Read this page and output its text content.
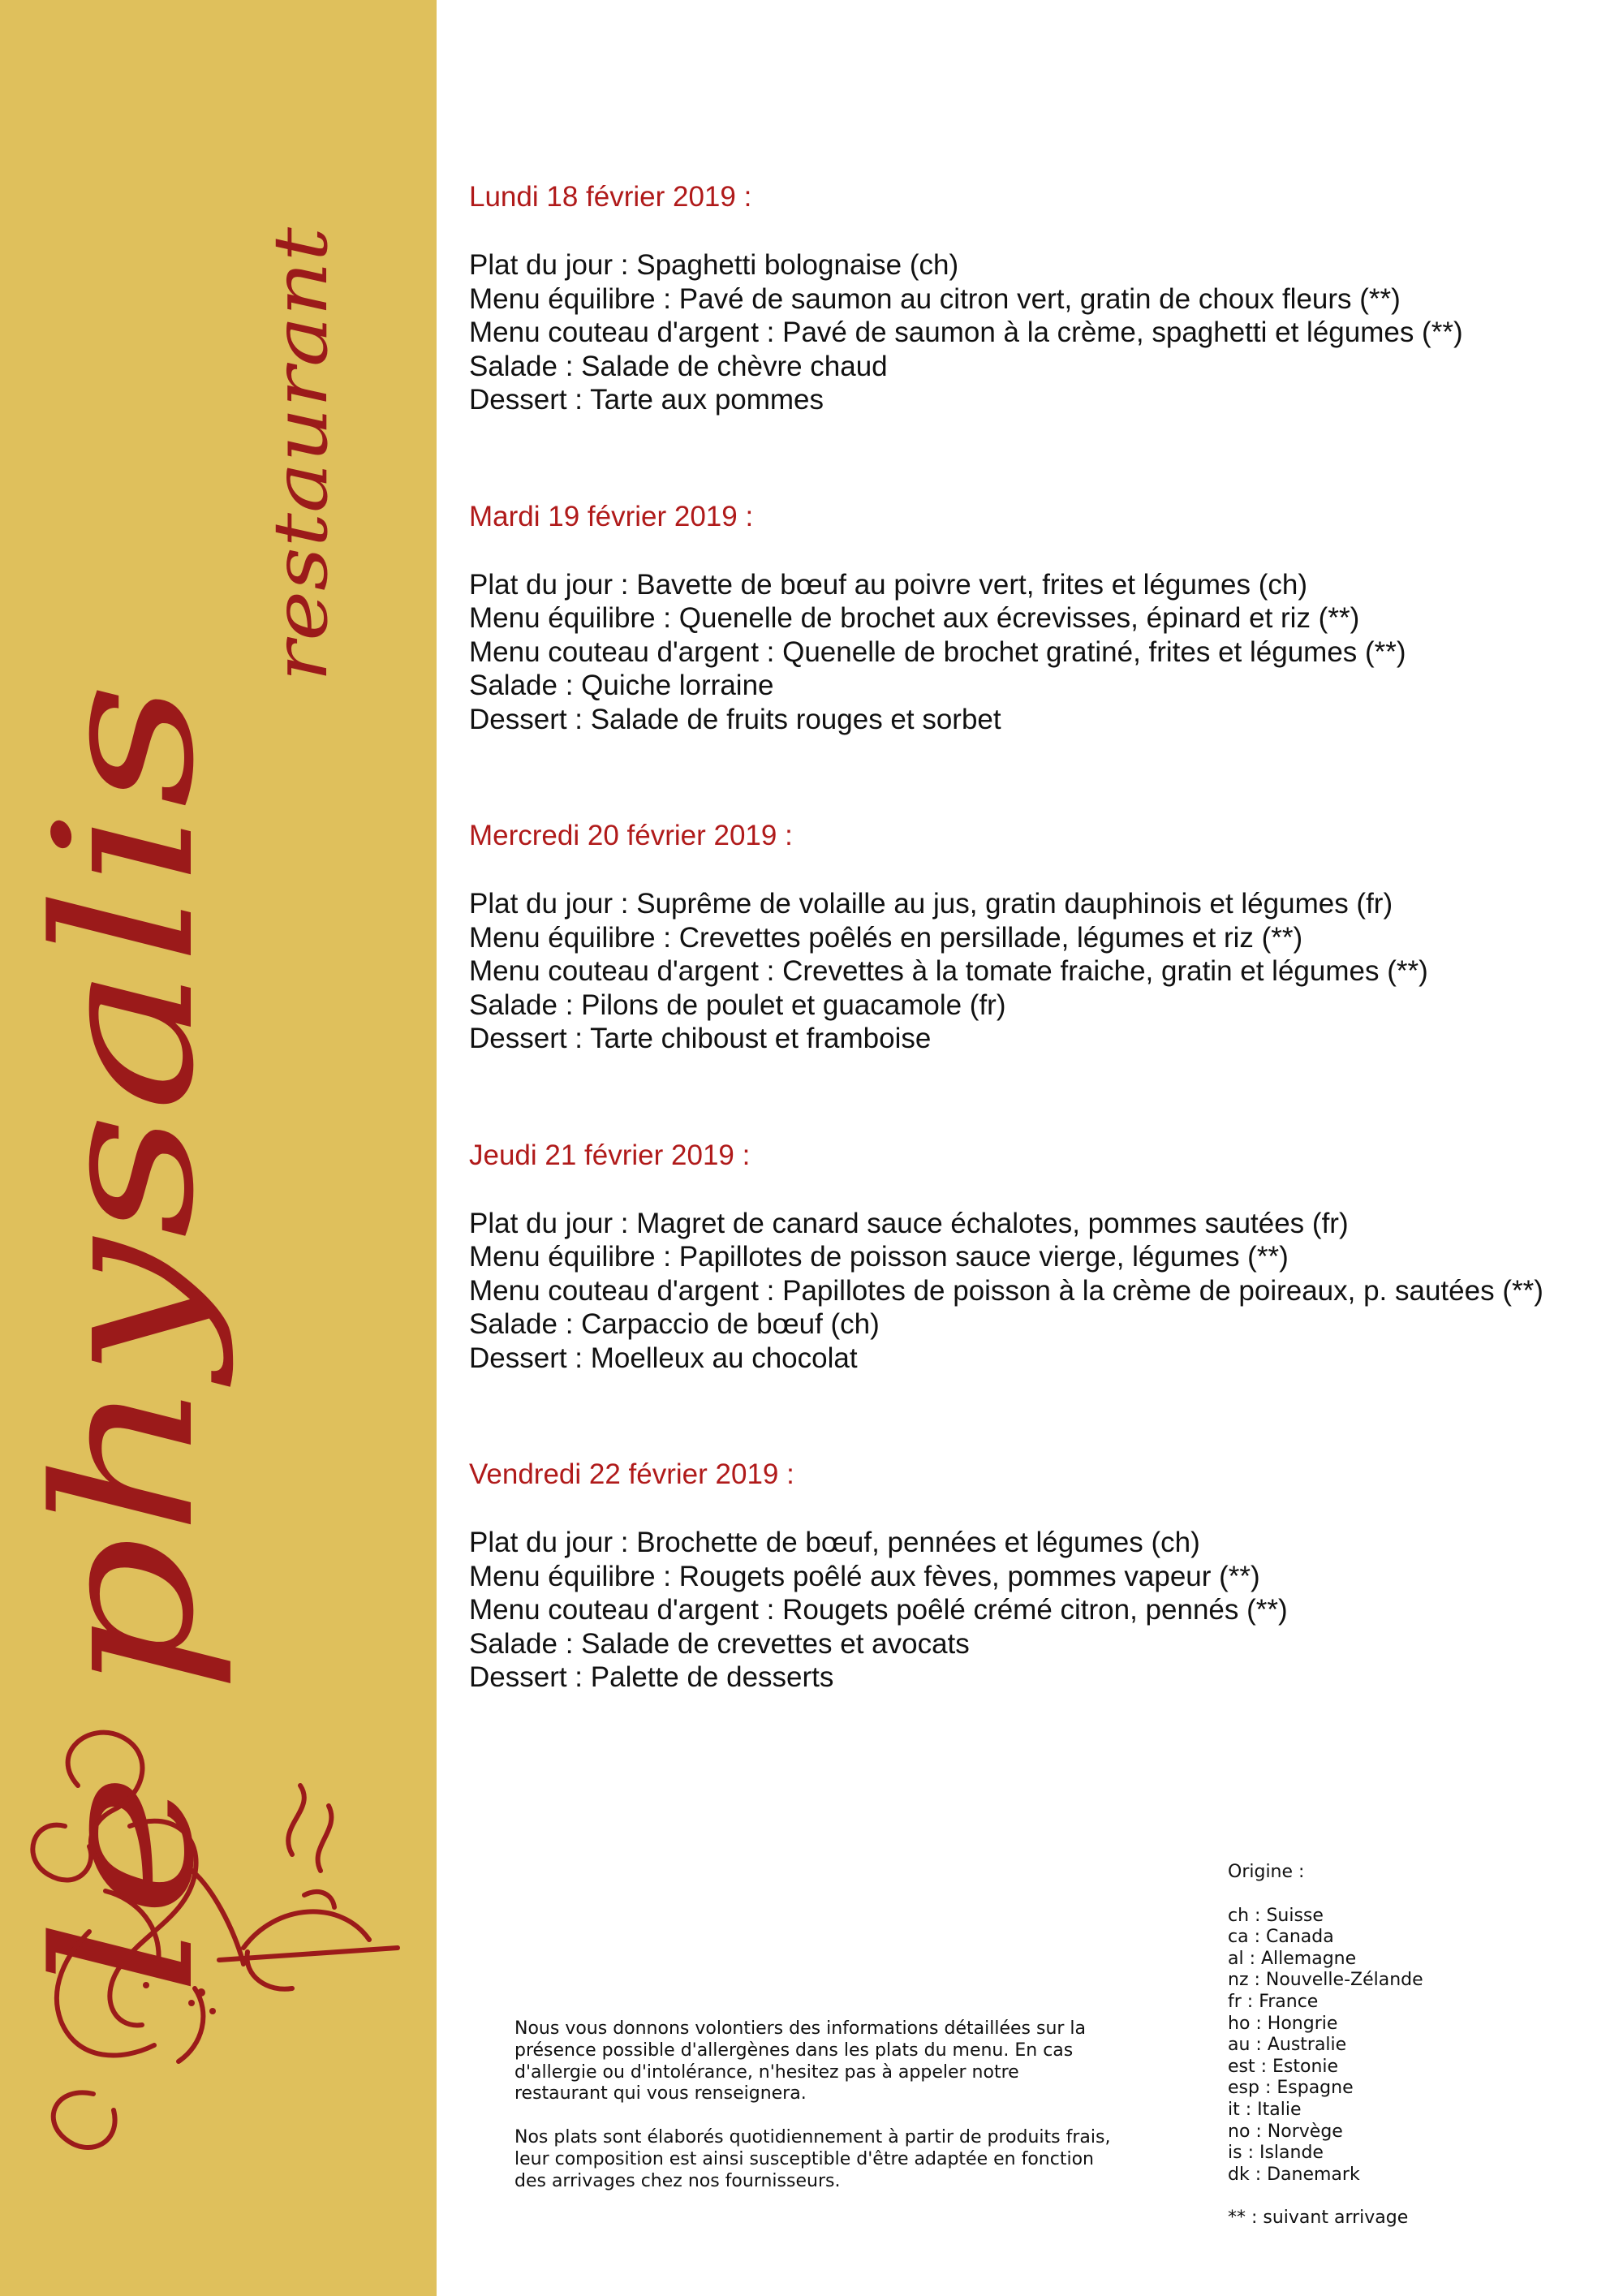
le physalis
restaurant
Lundi 18 février 2019 :
Plat du jour : Spaghetti bolognaise (ch)
Menu équilibre : Pavé de saumon au citron vert, gratin de choux fleurs (**)
Menu couteau d'argent : Pavé de saumon à la crème, spaghetti et légumes (**)
Salade : Salade de chèvre chaud
Dessert : Tarte aux pommes
Mardi 19 février 2019 :
Plat du jour : Bavette de bœuf au poivre vert, frites et légumes (ch)
Menu équilibre : Quenelle de brochet aux écrevisses, épinard et riz (**)
Menu couteau d'argent : Quenelle de brochet gratiné, frites et légumes (**)
Salade : Quiche lorraine
Dessert : Salade de fruits rouges et sorbet
Mercredi 20 février 2019 :
Plat du jour : Suprême de volaille au jus, gratin dauphinois et légumes (fr)
Menu équilibre : Crevettes poêlés en persillade, légumes et riz (**)
Menu couteau d'argent : Crevettes à la tomate fraiche, gratin et légumes (**)
Salade : Pilons de poulet et guacamole (fr)
Dessert : Tarte chiboust et framboise
Jeudi 21 février 2019 :
Plat du jour : Magret de canard sauce échalotes, pommes sautées (fr)
Menu équilibre : Papillotes de poisson sauce vierge, légumes (**)
Menu couteau d'argent : Papillotes de poisson à la crème de poireaux, p. sautées (**)
Salade : Carpaccio de bœuf (ch)
Dessert : Moelleux au chocolat
Vendredi 22 février 2019 :
Plat du jour : Brochette de bœuf, pennées et légumes (ch)
Menu équilibre : Rougets poêlé aux fèves, pommes vapeur (**)
Menu couteau d'argent : Rougets poêlé crémé citron, pennés (**)
Salade : Salade de crevettes et avocats
Dessert : Palette de desserts

Nous vous donnons volontiers des informations détaillées sur la présence possible d'allergènes dans les plats du menu. En cas d'allergie ou d'intolérance, n'hesitez pas à appeler notre restaurant qui vous renseignera.

Nos plats sont élaborés quotidiennement à partir de produits frais, leur composition est ainsi susceptible d'être adaptée en fonction des arrivages chez nos fournisseurs.

Origine :
ch : Suisse
ca : Canada
al : Allemagne
nz : Nouvelle-Zélande
fr : France
ho : Hongrie
au : Australie
est : Estonie
esp : Espagne
it : Italie
no : Norvège
is : Islande
dk : Danemark
** : suivant arrivage
